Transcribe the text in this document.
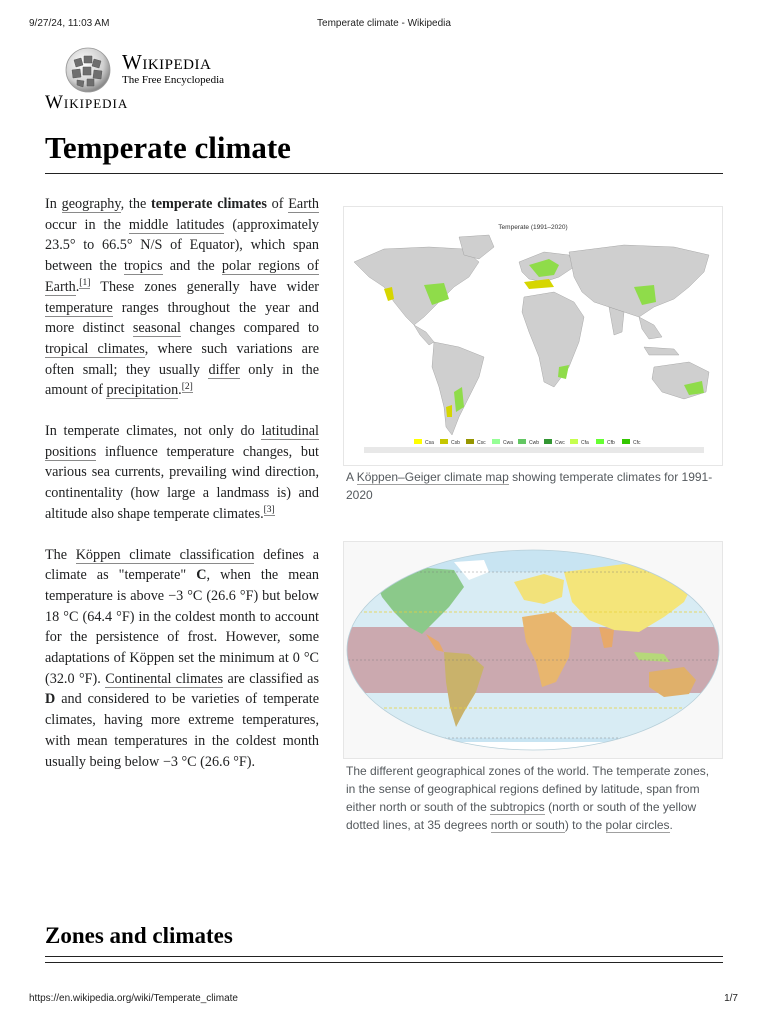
9/27/24, 11:03 AM	Temperate climate - Wikipedia
Wikipedia
The Free Encyclopedia
Wikipedia
Temperate climate

In geography, the temperate climates of Earth occur in the middle latitudes (approximately 23.5° to 66.5° N/S of Equator), which span between the tropics and the polar regions of Earth.[1] These zones generally have wider temperature ranges throughout the year and more distinct seasonal changes compared to tropical climates, where such variations are often small; they usually differ only in the amount of precipitation.[2]

In temperate climates, not only do latitudinal positions influence temperature changes, but various sea currents, prevailing wind direction, continentality (how large a landmass is) and altitude also shape temperate climates.[3]

The Köppen climate classification defines a climate as "temperate" C, when the mean temperature is above −3 °C (26.6 °F) but below 18 °C (64.4 °F) in the coldest month to account for the persistence of frost. However, some adaptations of Köppen set the minimum at 0 °C (32.0 °F). Continental climates are classified as D and considered to be varieties of temperate climates, having more extreme temperatures, with mean temperatures in the coldest month usually being below −3 °C (26.6 °F).

Temperate (1991–2020)
Csa	Csb	Csc	Cwa	Cwb	Cwc	Cfa	Cfb	Cfc
A Köppen–Geiger climate map showing temperate climates for 1991-2020
The different geographical zones of the world. The temperate zones, in the sense of geographical regions defined by latitude, span from either north or south of the subtropics (north or south of the yellow dotted lines, at 35 degrees north or south) to the polar circles.
Zones and climates
https://en.wikipedia.org/wiki/Temperate_climate	1/7
